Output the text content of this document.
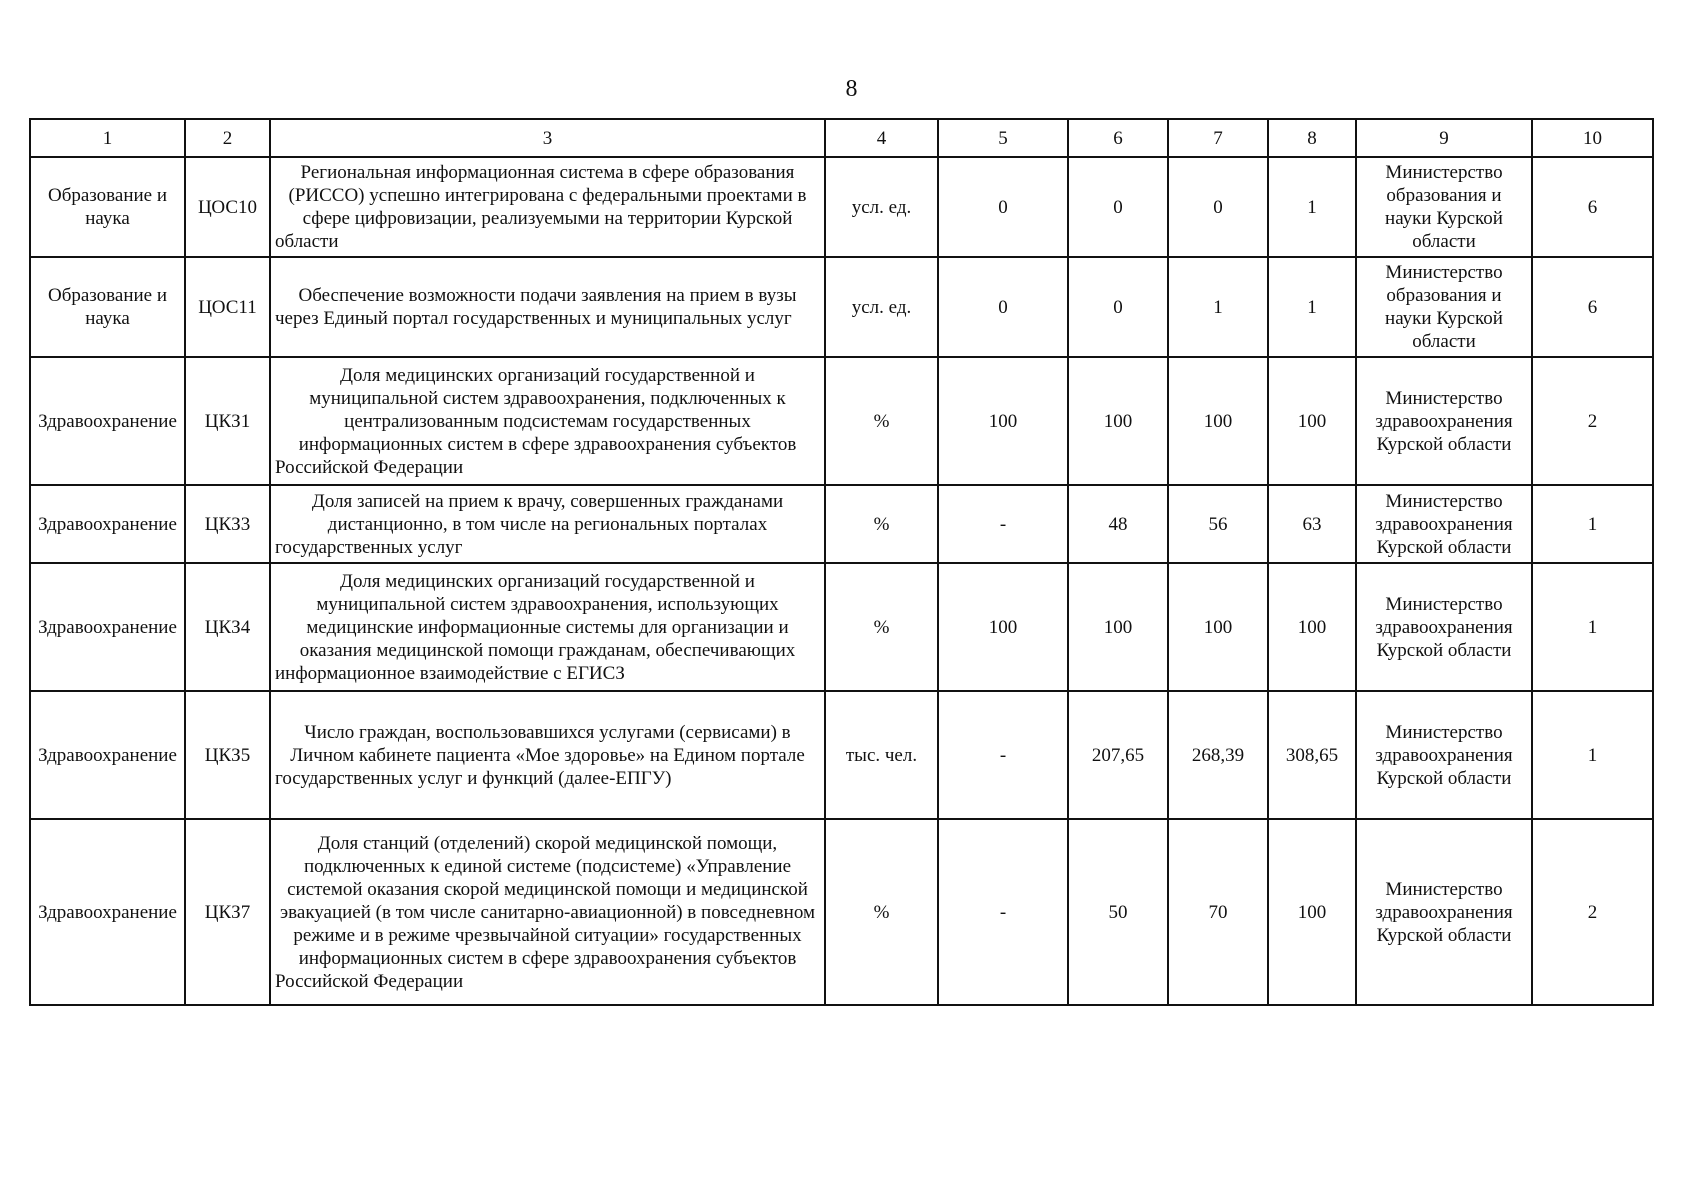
8
1	2	3	4	5	6	7	8	9	10
Образование и наука	ЦОС10	Региональная информационная система в сфере образования (РИССО) успешно интегрирована с федеральными проектами в сфере цифровизации, реализуемыми на территории Курской области	усл. ед.	0	0	0	1	Министерство образования и науки Курской области	6
Образование и наука	ЦОС11	Обеспечение возможности подачи заявления на прием в вузы через Единый портал государственных и муниципальных услуг	усл. ед.	0	0	1	1	Министерство образования и науки Курской области	6
Здравоохранение	ЦКЗ1	Доля медицинских организаций государственной и муниципальной систем здравоохранения, подключенных к централизованным подсистемам государственных информационных систем в сфере здравоохранения субъектов Российской Федерации	%	100	100	100	100	Министерство здравоохранения Курской области	2
Здравоохранение	ЦКЗ3	Доля записей на прием к врачу, совершенных гражданами дистанционно, в том числе на региональных порталах государственных услуг	%	-	48	56	63	Министерство здравоохранения Курской области	1
Здравоохранение	ЦКЗ4	Доля медицинских организаций государственной и муниципальной систем здравоохранения, использующих медицинские информационные системы для организации и оказания медицинской помощи гражданам, обеспечивающих информационное взаимодействие с ЕГИСЗ	%	100	100	100	100	Министерство здравоохранения Курской области	1
Здравоохранение	ЦКЗ5	Число граждан, воспользовавшихся услугами (сервисами) в Личном кабинете пациента «Мое здоровье» на Едином портале государственных услуг и функций (далее-ЕПГУ)	тыс. чел.	-	207,65	268,39	308,65	Министерство здравоохранения Курской области	1
Здравоохранение	ЦКЗ7	Доля станций (отделений) скорой медицинской помощи, подключенных к единой системе (подсистеме) «Управление системой оказания скорой медицинской помощи и медицинской эвакуацией (в том числе санитарно-авиационной) в повседневном режиме и в режиме чрезвычайной ситуации» государственных информационных систем в сфере здравоохранения субъектов Российской Федерации	%	-	50	70	100	Министерство здравоохранения Курской области	2
